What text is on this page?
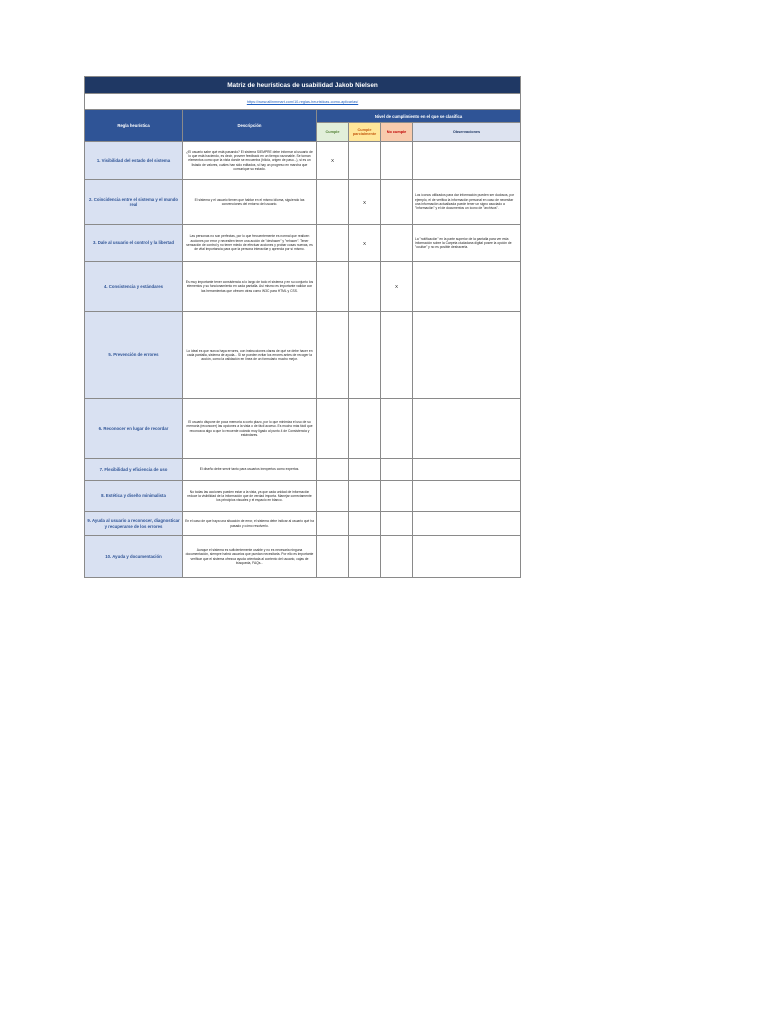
Matriz de heurísticas de usabilidad Jakob Nielsen					
https://www.allinmmart.com/10-reglas-heuristicas-como-aplicarlas/					
Regla heurística	Descripción	Nivel de cumplimiento en el que se clasifica			
		Cumple	Cumple parcialmente	No cumple	Observaciones
1. Visibilidad del estado del sistema	¿El usuario sabe qué está pasando? El sistema SIEMPRE debe informar al usuario de lo que está haciendo, es decir, proveer feedback en un tiempo razonable. Se toman elementos como que la vista donde se encuentra (hilo/a, origen de paso...), si es un listado de valores, cuáles han sido editados, si hay un progreso en marcha que comunique su estado.	X			
2. Coincidencia entre el sistema y el mundo real	El sistema y el usuario tienen que hablar en el mismo idioma, siguiendo las convenciones del entorno del usuario.		X		Los íconos utilizados para dar información pueden ser dudosos, por ejemplo, el de verifica la información personal en caso de necesitar una información actualizada puede tener un signo asociado a "Información" y el de documentos un ícono de "archivos".
3. Dale al usuario el control y la libertad	Las personas no son perfectas, por lo que frecuentemente es normal que realicen acciones por error y necesiten tener una acción de "deshacer" y "rehacer". Tener sensación de control y no tener miedo de efectuar acciones y probar cosas nuevas, es de vital importancia para que la persona interactúe y aprenda por sí mismo.		X		La "notificación" en la parte superior de la pantalla para ver esta información sobre la Carpeta ciudadana digital posee la opción de "ocultar" y no es posible deshacerla.
4. Consistencia y estándares	Es muy importante tener consistencia a lo largo de todo el sistema y en su conjunto los elementos y su funcionamiento en cada pantalla. Así mismo es importante validar con las herramientas que ofrecen otras como W3C para HTML y CSS.			X	
5. Prevención de errores	Lo ideal es que nunca haya errores, con instrucciones claras de qué se debe hacer en cada pantalla, sistema de ayuda... Si se pueden evitar los errores antes de recoger la acción, como la validación en línea de un formulario mucho mejor.				
6. Reconocer en lugar de recordar	El usuario dispone de poca memoria a corto plazo, por lo que minimiza el uso de su memoria (reconocer) las opciones a la vista o de fácil acceso. Es mucho más fácil que reconozca algo a que lo recuerde cuándo muy ligado al punto 4 de Consistencia y estándares.				
7. Flexibilidad y eficiencia de uso	El diseño debe servir tanto para usuarios inexpertos como expertos.				
8. Estética y diseño minimalista	No todas las acciones pueden estar a la vista, ya que cada unidad de información reduce la visibilidad de la información que de verdad importa. Manejar correctamente los principios visuales y el espacio en blanco.				
9. Ayuda al usuario a reconocer, diagnosticar y recuperarse de los errores	En el caso de que haya una situación de error, el sistema debe indicar al usuario qué ha pasado y cómo resolverlo.				
10. Ayuda y documentación	Aunque el sistema es suficientemente usable y no es necesaria ninguna documentación, siempre habrá usuarios que puedan necesitarla. Por ello es importante verificar que el sistema ofrezca ayuda orientada al contexto del usuario, cajas de búsqueda, FAQs...				
